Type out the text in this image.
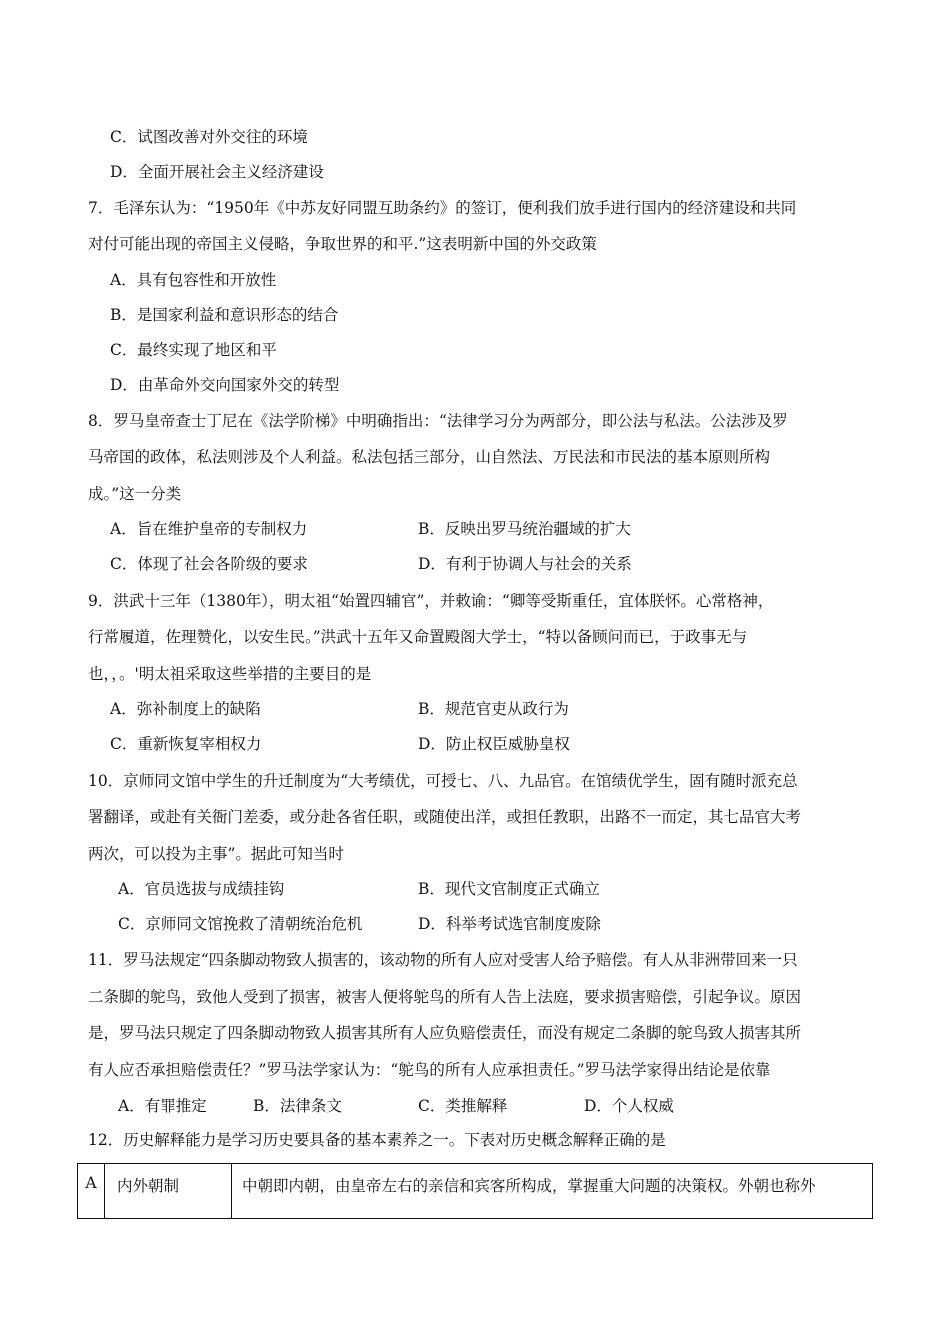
C．试图改善对外交往的环境
D．全面开展社会主义经济建设
7．毛泽东认为：“1950年《中苏友好同盟互助条约》的签订，便利我们放手进行国内的经济建设和共同
对付可能出现的帝国主义侵略，争取世界的和平.”这表明新中国的外交政策
A．具有包容性和开放性
B．是国家利益和意识形态的结合
C．最终实现了地区和平
D．由革命外交向国家外交的转型
8．罗马皇帝查士丁尼在《法学阶梯》中明确指出：“法律学习分为两部分，即公法与私法。公法涉及罗
马帝国的政体，私法则涉及个人利益。私法包括三部分，山自然法、万民法和市民法的基本原则所构
成。”这一分类
A．旨在维护皇帝的专制权力	B．反映出罗马统治疆域的扩大
C．体现了社会各阶级的要求	D．有利于协调人与社会的关系
9．洪武十三年（1380年），明太祖“始置四辅官”，并敕谕：“卿等受斯重任，宜体朕怀。心常格神，
行常履道，佐理赞化，以安生民。”洪武十五年又命置殿阁大学士，“特以备顾问而已，于政事无与
也，，。'明太祖采取这些举措的主要目的是
A．弥补制度上的缺陷	B．规范官吏从政行为
C．重新恢复宰相权力	D．防止权臣威胁皇权
10．京师同文馆中学生的升迁制度为“大考绩优，可授七、八、九品官。在馆绩优学生，固有随时派充总
署翻译，或赴有关衙门差委，或分赴各省任职，或随使出洋，或担任教职，出路不一而定，其七品官大考
两次，可以投为主事”。据此可知当时
A．官员选拔与成绩挂钩	B．现代文官制度正式确立
C．京师同文馆挽救了清朝统治危机	D．科举考试选官制度废除
11．罗马法规定“四条脚动物致人损害的，该动物的所有人应对受害人给予赔偿。有人从非洲带回来一只
二条脚的鸵鸟，致他人受到了损害，被害人便将鸵鸟的所有人告上法庭，要求损害赔偿，引起争议。原因
是，罗马法只规定了四条脚动物致人损害其所有人应负赔偿责任，而没有规定二条脚的鸵鸟致人损害其所
有人应否承担赔偿责任？”罗马法学家认为：“鸵鸟的所有人应承担责任。”罗马法学家得出结论是依靠
A．有罪推定	B．法律条文	C．类推解释	D．个人权威
12．历史解释能力是学习历史要具备的基本素养之一。下表对历史概念解释正确的是
A	内外朝制	中朝即内朝，由皇帝左右的亲信和宾客所构成，掌握重大问题的决策权。外朝也称外
